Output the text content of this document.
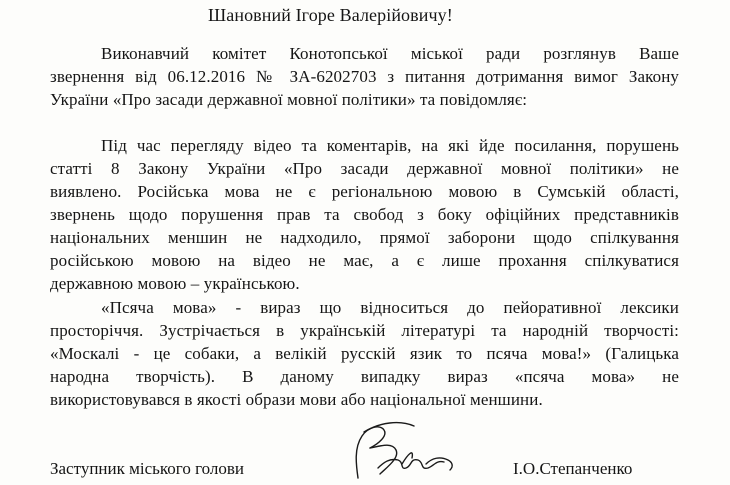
Шановний Ігоре Валерійовичу!
Виконавчий комітет Конотопської міської ради розглянув Ваше
звернення від 06.12.2016 № ЗА-6202703 з питання дотримання вимог Закону
України «Про засади державної мовної політики» та повідомляє:
Під час перегляду відео та коментарів, на які йде посилання, порушень
статті 8 Закону України «Про засади державної мовної політики» не
виявлено. Російська мова не є регіональною мовою в Сумській області,
звернень щодо порушення прав та свобод з боку офіційних представників
національних меншин не надходило, прямої заборони щодо спілкування
російською мовою на відео не має, а є лише прохання спілкуватися
державною мовою – українською.
«Псяча мова» - вираз що відноситься до пейоративної лексики
просторіччя. Зустрічається в українській літературі та народній творчості:
«Москалі - це собаки, а велікій русскій язик то псяча мова!» (Галицька
народна творчість). В даному випадку вираз «псяча мова» не
використовувався в якості образи мови або національної меншини.
Заступник міського голови	І.О.Степанченко
